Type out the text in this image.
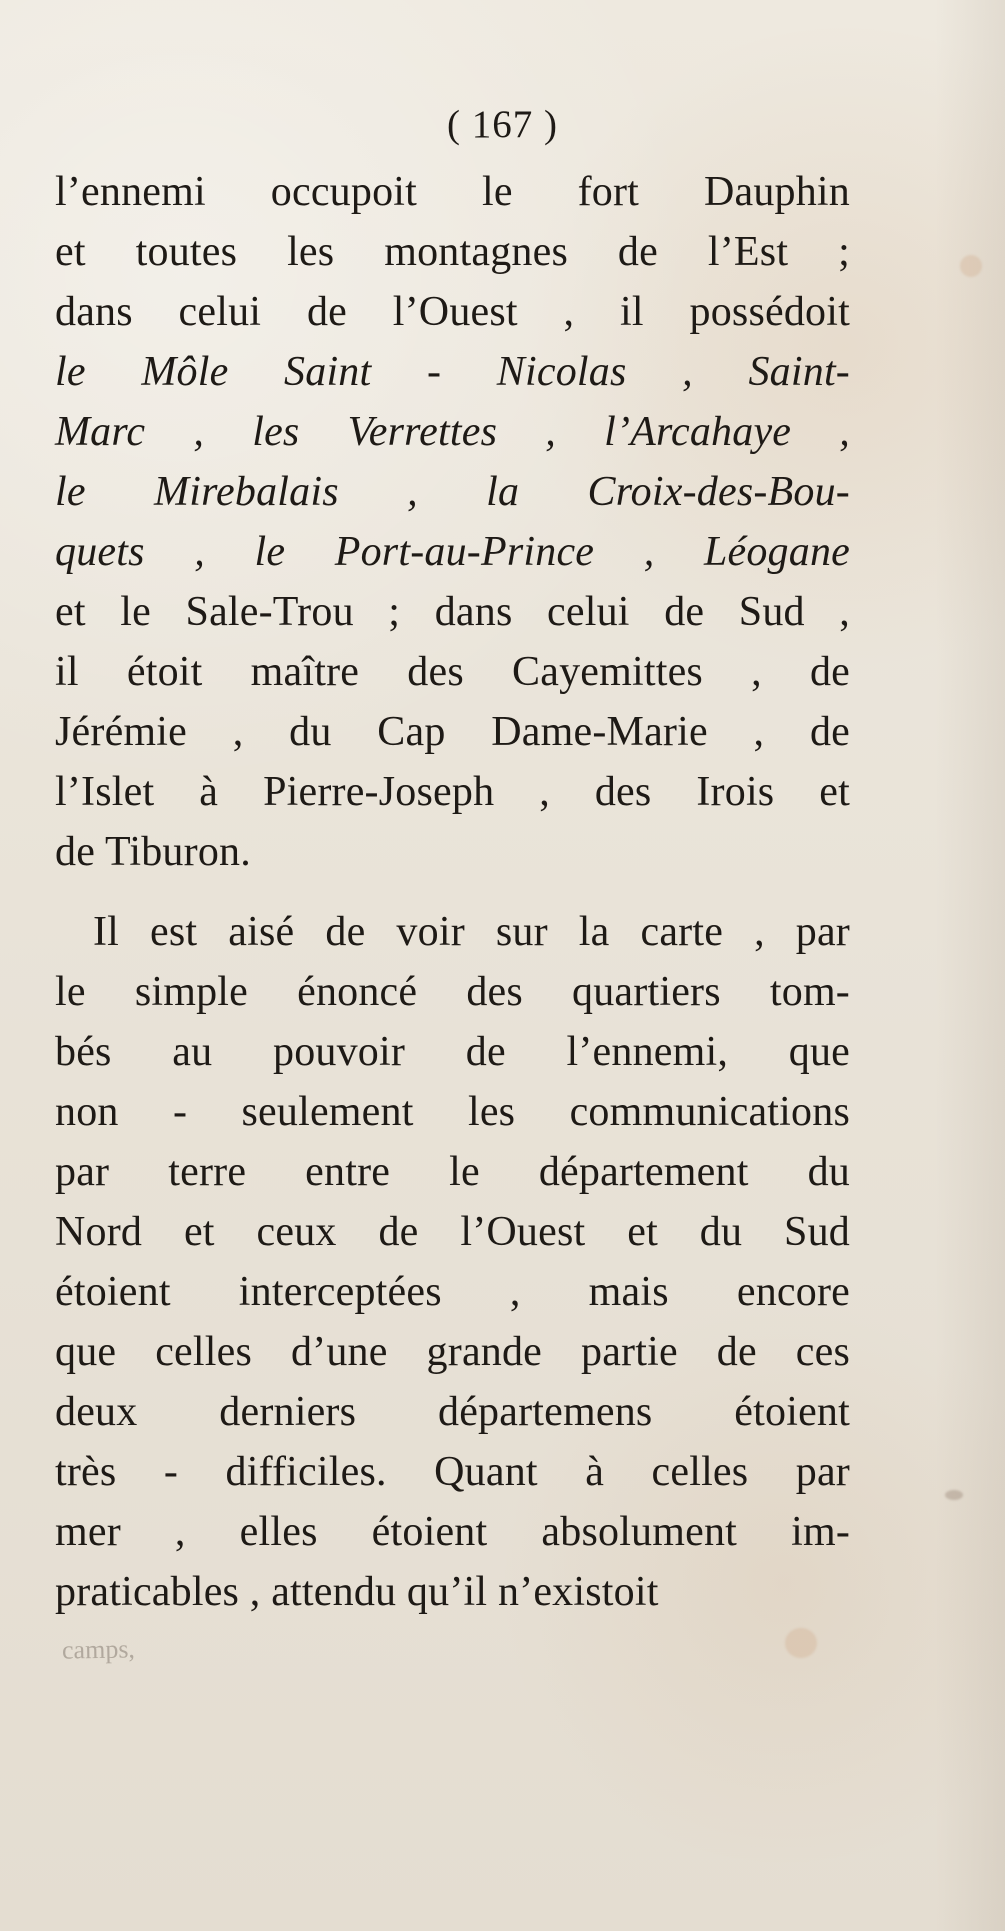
( 167 )
l’ennemi occupoit le fort Dauphin
et toutes les montagnes de l’Est ;
dans celui de l’Ouest , il possédoit
le Môle Saint - Nicolas , Saint-
Marc , les Verrettes , l’Arcahaye ,
le Mirebalais , la Croix-des-Bou-
quets , le Port-au-Prince , Léogane
et le Sale-Trou ; dans celui de Sud ,
il étoit maître des Cayemittes , de
Jérémie , du Cap Dame-Marie , de
l’Islet à Pierre-Joseph , des Irois et
de Tiburon.
Il est aisé de voir sur la carte , par
le simple énoncé des quartiers tom-
bés au pouvoir de l’ennemi, que
non - seulement les communications
par terre entre le département du
Nord et ceux de l’Ouest et du Sud
étoient interceptées , mais encore
que celles d’une grande partie de ces
deux derniers départemens étoient
très - difficiles. Quant à celles par
mer , elles étoient absolument im-
praticables , attendu qu’il n’existoit
camps,
